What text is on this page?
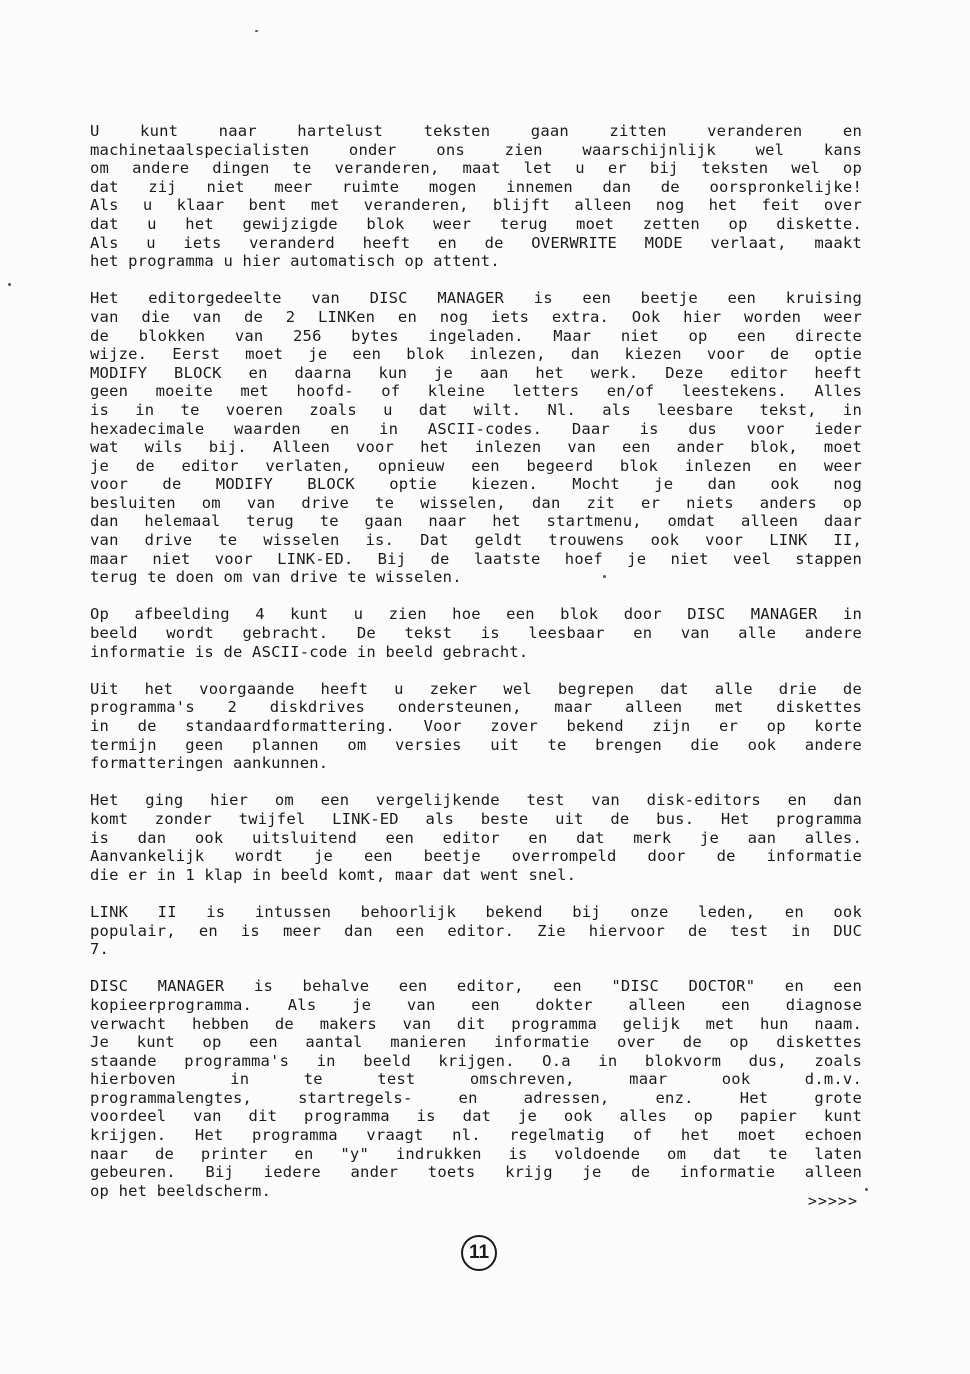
U kunt naar hartelust teksten gaan zitten veranderen en
machinetaalspecialisten onder ons zien waarschijnlijk wel kans
om andere dingen te veranderen, maat let u er bij teksten wel op
dat zij niet meer ruimte mogen innemen dan de oorspronkelijke!
Als u klaar bent met veranderen, blijft alleen nog het feit over
dat u het gewijzigde blok weer terug moet zetten op diskette.
Als u iets veranderd heeft en de OVERWRITE MODE verlaat, maakt
het programma u hier automatisch op attent.
Het editorgedeelte van DISC MANAGER is een beetje een kruising
van die van de 2 LINKen en nog iets extra. Ook hier worden weer
de blokken van 256 bytes ingeladen. Maar niet op een directe
wijze. Eerst moet je een blok inlezen, dan kiezen voor de optie
MODIFY BLOCK en daarna kun je aan het werk. Deze editor heeft
geen moeite met hoofd- of kleine letters en/of leestekens. Alles
is in te voeren zoals u dat wilt. Nl. als leesbare tekst, in
hexadecimale waarden en in ASCII-codes. Daar is dus voor ieder
wat wils bij. Alleen voor het inlezen van een ander blok, moet
je de editor verlaten, opnieuw een begeerd blok inlezen en weer
voor de MODIFY BLOCK optie kiezen. Mocht je dan ook nog
besluiten om van drive te wisselen, dan zit er niets anders op
dan helemaal terug te gaan naar het startmenu, omdat alleen daar
van drive te wisselen is. Dat geldt trouwens ook voor LINK II,
maar niet voor LINK-ED. Bij de laatste hoef je niet veel stappen
terug te doen om van drive te wisselen.
Op afbeelding 4 kunt u zien hoe een blok door DISC MANAGER in
beeld wordt gebracht. De tekst is leesbaar en van alle andere
informatie is de ASCII-code in beeld gebracht.
Uit het voorgaande heeft u zeker wel begrepen dat alle drie de
programma's 2 diskdrives ondersteunen, maar alleen met diskettes
in de standaardformattering. Voor zover bekend zijn er op korte
termijn geen plannen om versies uit te brengen die ook andere
formatteringen aankunnen.
Het ging hier om een vergelijkende test van disk-editors en dan
komt zonder twijfel LINK-ED als beste uit de bus. Het programma
is dan ook uitsluitend een editor en dat merk je aan alles.
Aanvankelijk wordt je een beetje overrompeld door de informatie
die er in 1 klap in beeld komt, maar dat went snel.
LINK II is intussen behoorlijk bekend bij onze leden, en ook
populair, en is meer dan een editor. Zie hiervoor de test in DUC
7.
DISC MANAGER is behalve een editor, een "DISC DOCTOR" en een
kopieerprogramma. Als je van een dokter alleen een diagnose
verwacht hebben de makers van dit programma gelijk met hun naam.
Je kunt op een aantal manieren informatie over de op diskettes
staande programma's in beeld krijgen. O.a in blokvorm dus, zoals
hierboven in te test omschreven, maar ook d.m.v.
programmalengtes, startregels- en adressen, enz. Het grote
voordeel van dit programma is dat je ook alles op papier kunt
krijgen. Het programma vraagt nl. regelmatig of het moet echoen
naar de printer en "y" indrukken is voldoende om dat te laten
gebeuren. Bij iedere ander toets krijg je de informatie alleen
op het beeldscherm.
>>>>>
11
